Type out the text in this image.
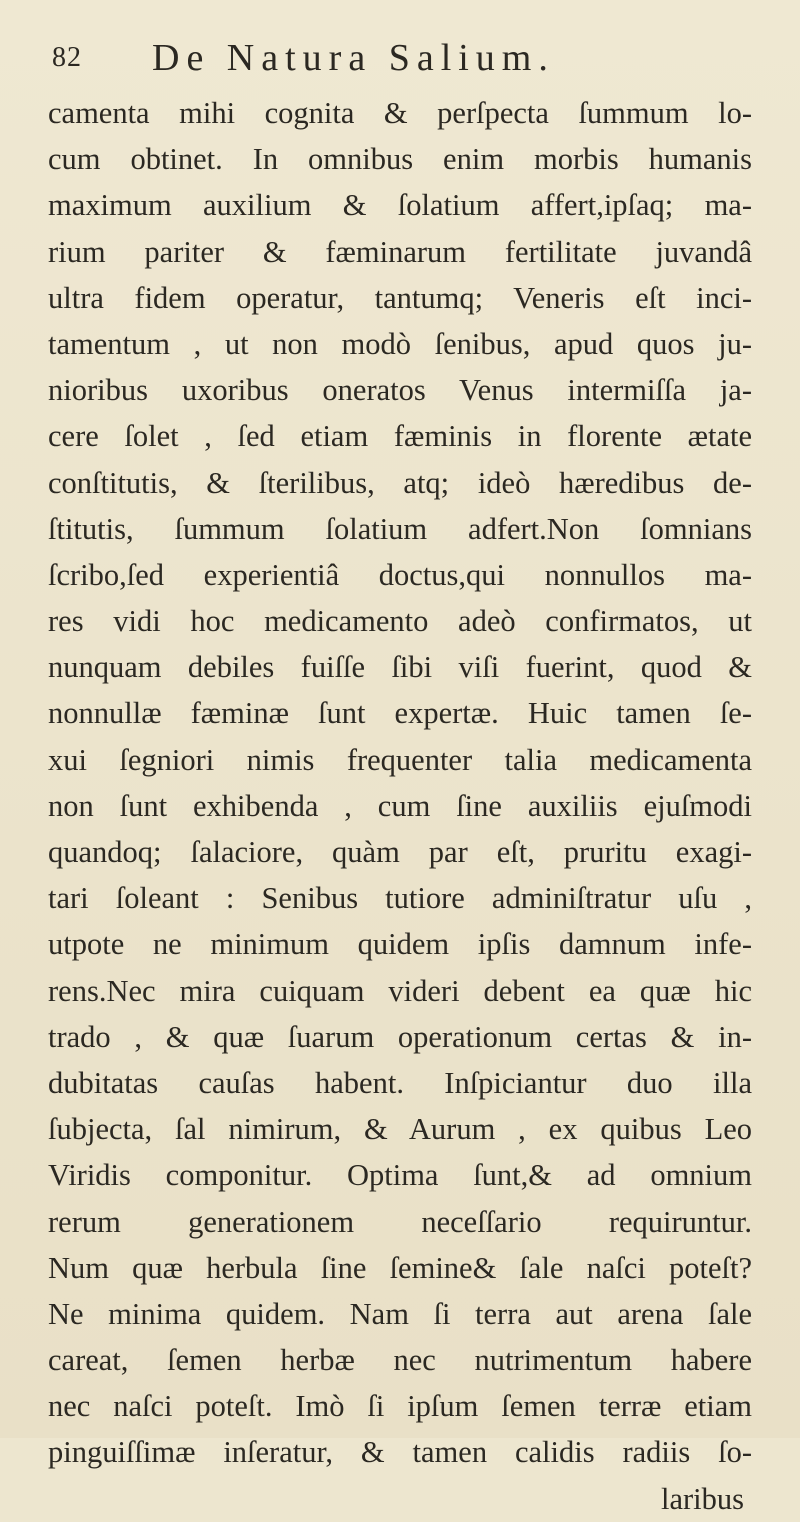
82 De Natura Salium.
camenta mihi cognita & perſpecta ſummum lo-
cum obtinet. In omnibus enim morbis humanis
maximum auxilium & ſolatium affert,ipſaq; ma-
rium pariter & fæminarum fertilitate juvandâ
ultra fidem operatur, tantumq; Veneris eſt inci-
tamentum , ut non modò ſenibus, apud quos ju-
nioribus uxoribus oneratos Venus intermiſſa ja-
cere ſolet , ſed etiam fæminis in florente ætate
conſtitutis, & ſterilibus, atq; ideò hæredibus de-
ſtitutis, ſummum ſolatium adfert.Non ſomnians
ſcribo,ſed experientiâ doctus,qui nonnullos ma-
res vidi hoc medicamento adeò confirmatos, ut
nunquam debiles fuiſſe ſibi viſi fuerint, quod &
nonnullæ fæminæ ſunt expertæ. Huic tamen ſe-
xui ſegniori nimis frequenter talia medicamenta
non ſunt exhibenda , cum ſine auxiliis ejuſmodi
quandoq; ſalaciore, quàm par eſt, pruritu exagi-
tari ſoleant : Senibus tutiore adminiſtratur uſu ,
utpote ne minimum quidem ipſis damnum infe-
rens.Nec mira cuiquam videri debent ea quæ hic
trado , & quæ ſuarum operationum certas & in-
dubitatas cauſas habent. Inſpiciantur duo illa
ſubjecta, ſal nimirum, & Aurum , ex quibus Leo
Viridis componitur. Optima ſunt,& ad omnium
rerum generationem neceſſario requiruntur.
Num quæ herbula ſine ſemine& ſale naſci poteſt?
Ne minima quidem. Nam ſi terra aut arena ſale
careat, ſemen herbæ nec nutrimentum habere
nec naſci poteſt. Imò ſi ipſum ſemen terræ etiam
pinguiſſimæ inſeratur, & tamen calidis radiis ſo-
laribus
